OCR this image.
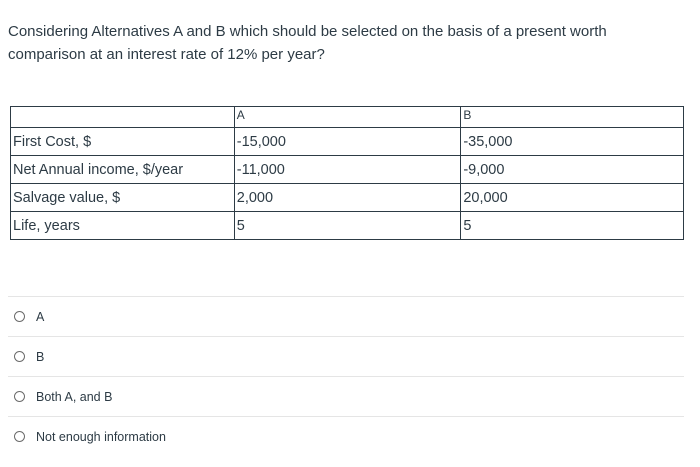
Considering Alternatives A and B which should be selected on the basis of a present worth comparison at an interest rate of 12% per year?
	A	B
First Cost, $	-15,000	-35,000
Net Annual income, $/year	-11,000	-9,000
Salvage value, $	2,000	20,000
Life, years	5	5
A
B
Both A, and B
Not enough information
